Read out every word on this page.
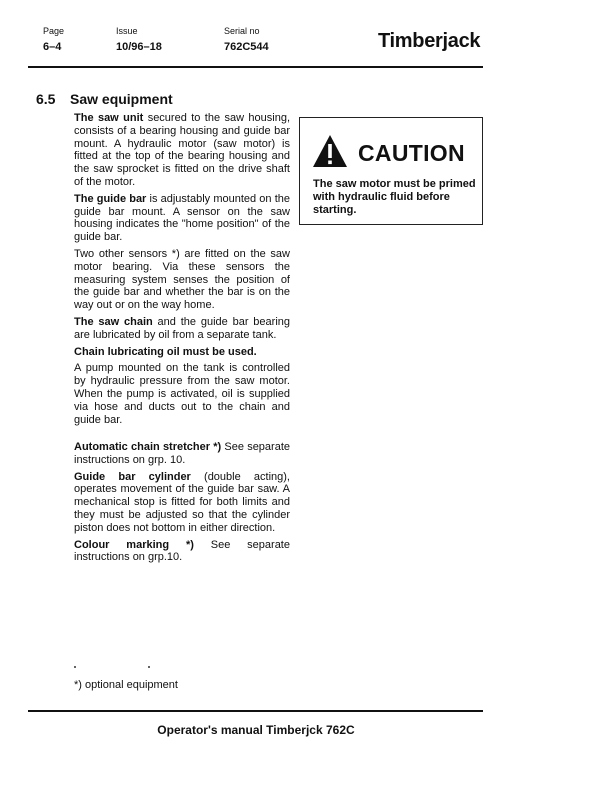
Page
6–4
Issue
10/96–18
Serial no
762C544	Timberjack
6.5 Saw equipment

The saw unit secured to the saw housing, consists of a bearing housing and guide bar mount. A hydraulic motor (saw motor) is fitted at the top of the bearing housing and the saw sprocket is fitted on the drive shaft of the motor.

The guide bar is adjustably mounted on the guide bar mount. A sensor on the saw housing indicates the "home position" of the guide bar.

Two other sensors *) are fitted on the saw motor bearing. Via these sensors the measuring system senses the position of the guide bar and whether the bar is on the way out or on the way home.

The saw chain and the guide bar bearing are lubricated by oil from a separate tank.

Chain lubricating oil must be used.

A pump mounted on the tank is controlled by hydraulic pressure from the saw motor. When the pump is activated, oil is supplied via hose and ducts out to the chain and guide bar.

Automatic chain stretcher *) See separate instructions on grp. 10.

Guide bar cylinder (double acting), operates movement of the guide bar saw. A mechanical stop is fitted for both limits and they must be adjusted so that the cylinder piston does not bottom in either direction.

Colour marking *) See separate instructions on grp.10.

CAUTION
The saw motor must be primed with hydraulic fluid before starting.
*) optional equipment
Operator's manual Timberjck 762C
